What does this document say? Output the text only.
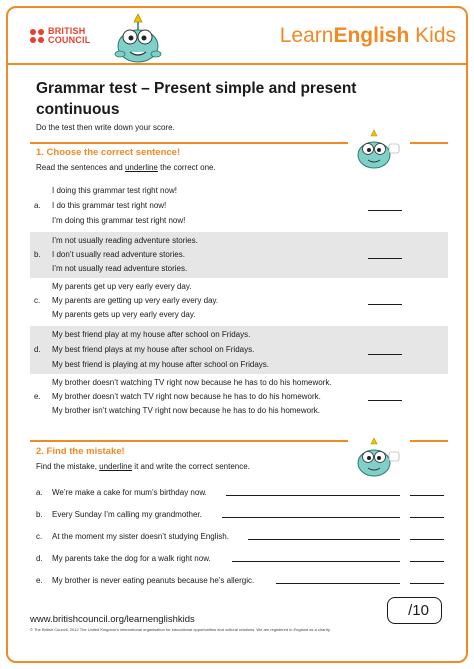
BRITISH
COUNCIL	LearnEnglish Kids
Grammar test – Present simple and present continuous
Do the test then write down your score.
1. Choose the correct sentence!
Read the sentences and underline the correct one.
I doing this grammar test right now!
a. I do this grammar test right now!
I’m doing this grammar test right now!
I’m not usually reading adventure stories.
b. I don’t usually read adventure stories.
I’m not usually read adventure stories.
My parents get up very early every day.
c. My parents are getting up very early every day.
My parents gets up very early every day.
My best friend play at my house after school on Fridays.
d. My best friend plays at my house after school on Fridays.
My best friend is playing at my house after school on Fridays.
My brother doesn’t watching TV right now because he has to do his homework.
e. My brother doesn’t watch TV right now because he has to do his homework.
My brother isn’t watching TV right now because he has to do his homework.
2. Find the mistake!
Find the mistake, underline it and write the correct sentence.
a. We’re make a cake for mum’s birthday now.
b. Every Sunday I’m calling my grandmother.
c. At the moment my sister doesn’t studying English.
d. My parents take the dog for a walk right now.
e. My brother is never eating peanuts because he’s allergic.
www.britishcouncil.org/learnenglishkids
© The British Council, 2012 The United Kingdom’s international organisation for educational opportunities and cultural relations. We are registered in England as a charity.
/10
